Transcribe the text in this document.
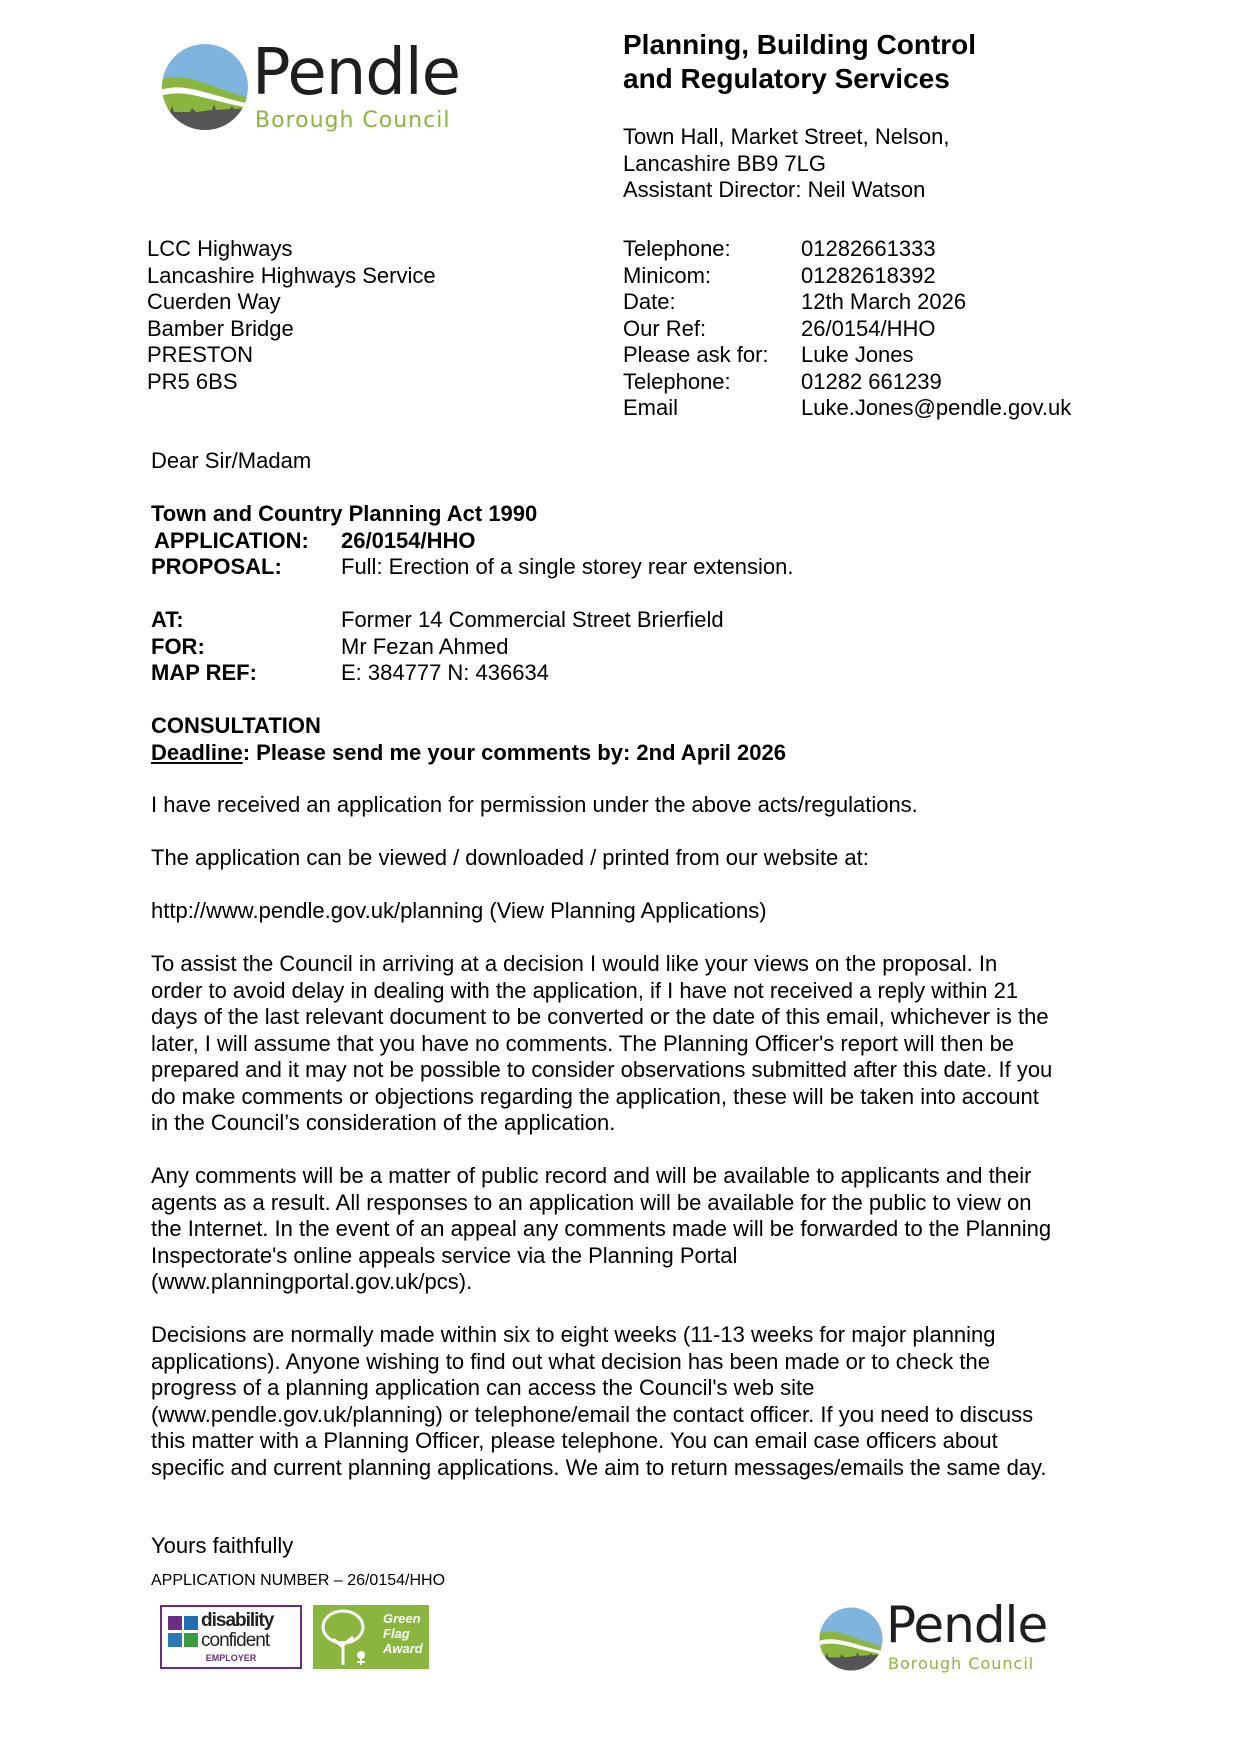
Pendle
Borough Council
Planning, Building Control
and Regulatory Services
Town Hall, Market Street, Nelson,
Lancashire BB9 7LG
Assistant Director: Neil Watson
LCC Highways
Lancashire Highways Service
Cuerden Way
Bamber Bridge
PRESTON
PR5 6BS
Telephone:	01282661333
Minicom:	01282618392
Date:	12th March 2026
Our Ref:	26/0154/HHO
Please ask for:	Luke Jones
Telephone:	01282 661239
Email	Luke.Jones@pendle.gov.uk
Dear Sir/Madam
Town and Country Planning Act 1990
APPLICATION:	26/0154/HHO
PROPOSAL:	Full: Erection of a single storey rear extension.
AT:	Former 14 Commercial Street Brierfield
FOR:	Mr Fezan Ahmed
MAP REF:	E: 384777 N: 436634
CONSULTATION
Deadline: Please send me your comments by: 2nd April 2026
I have received an application for permission under the above acts/regulations.
The application can be viewed / downloaded / printed from our website at:
http://www.pendle.gov.uk/planning (View Planning Applications)
To assist the Council in arriving at a decision I would like your views on the proposal. In
order to avoid delay in dealing with the application, if I have not received a reply within 21
days of the last relevant document to be converted or the date of this email, whichever is the
later, I will assume that you have no comments. The Planning Officer's report will then be
prepared and it may not be possible to consider observations submitted after this date. If you
do make comments or objections regarding the application, these will be taken into account
in the Council’s consideration of the application.
Any comments will be a matter of public record and will be available to applicants and their
agents as a result. All responses to an application will be available for the public to view on
the Internet. In the event of an appeal any comments made will be forwarded to the Planning
Inspectorate's online appeals service via the Planning Portal
(www.planningportal.gov.uk/pcs).
Decisions are normally made within six to eight weeks (11-13 weeks for major planning
applications). Anyone wishing to find out what decision has been made or to check the
progress of a planning application can access the Council's web site
(www.pendle.gov.uk/planning) or telephone/email the contact officer. If you need to discuss
this matter with a Planning Officer, please telephone. You can email case officers about
specific and current planning applications. We aim to return messages/emails the same day.
Yours faithfully
APPLICATION NUMBER – 26/0154/HHO
disability
confident
EMPLOYER
Green
Flag
Award	Pendle
Borough Council
